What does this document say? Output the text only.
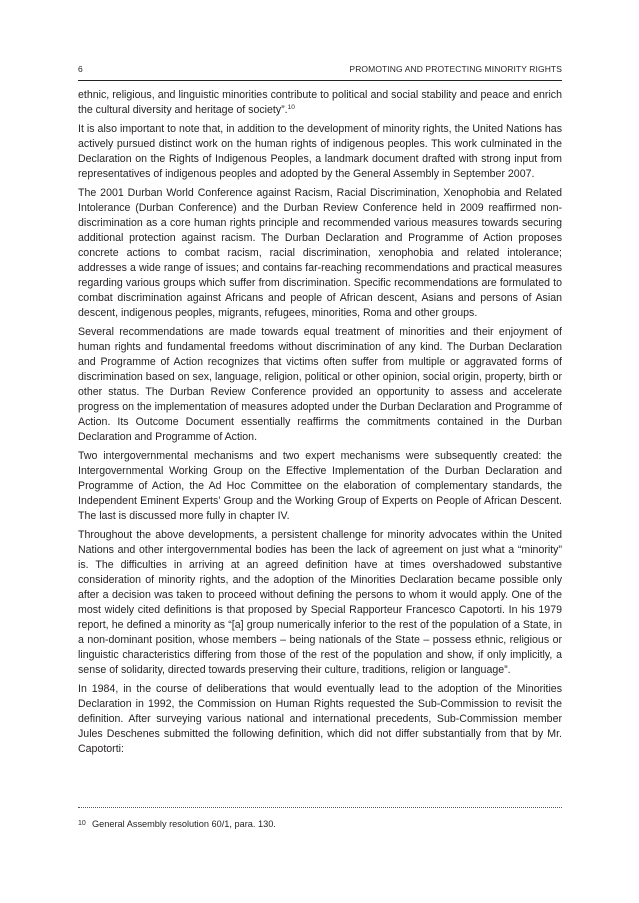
6	PROMOTING AND PROTECTING MINORITY RIGHTS

ethnic, religious, and linguistic minorities contribute to political and social stability and peace and enrich the cultural diversity and heritage of society”.$^{10}$

It is also important to note that, in addition to the development of minority rights, the United Nations has actively pursued distinct work on the human rights of indigenous peoples. This work culminated in the Declaration on the Rights of Indigenous Peoples, a landmark document drafted with strong input from representatives of indigenous peoples and adopted by the General Assembly in September 2007.

The 2001 Durban World Conference against Racism, Racial Discrimination, Xenophobia and Related Intolerance (Durban Conference) and the Durban Review Conference held in 2009 reaffirmed non-discrimination as a core human rights principle and recommended various measures towards securing additional protection against racism. The Durban Declaration and Programme of Action proposes concrete actions to combat racism, racial discrimination, xenophobia and related intolerance; addresses a wide range of issues; and contains far-reaching recommendations and practical measures regarding various groups which suffer from discrimination. Specific recommendations are formulated to combat discrimination against Africans and people of African descent, Asians and persons of Asian descent, indigenous peoples, migrants, refugees, minorities, Roma and other groups.

Several recommendations are made towards equal treatment of minorities and their enjoyment of human rights and fundamental freedoms without discrimination of any kind. The Durban Declaration and Programme of Action recognizes that victims often suffer from multiple or aggravated forms of discrimination based on sex, language, religion, political or other opinion, social origin, property, birth or other status. The Durban Review Conference provided an opportunity to assess and accelerate progress on the implementation of measures adopted under the Durban Declaration and Programme of Action. Its Outcome Document essentially reaffirms the commitments contained in the Durban Declaration and Programme of Action.

Two intergovernmental mechanisms and two expert mechanisms were subsequently created: the Intergovernmental Working Group on the Effective Implementation of the Durban Declaration and Programme of Action, the Ad Hoc Committee on the elaboration of complementary standards, the Independent Eminent Experts’ Group and the Working Group of Experts on People of African Descent. The last is discussed more fully in chapter IV.

Throughout the above developments, a persistent challenge for minority advocates within the United Nations and other intergovernmental bodies has been the lack of agreement on just what a “minority” is. The difficulties in arriving at an agreed definition have at times overshadowed substantive consideration of minority rights, and the adoption of the Minorities Declaration became possible only after a decision was taken to proceed without defining the persons to whom it would apply. One of the most widely cited definitions is that proposed by Special Rapporteur Francesco Capotorti. In his 1979 report, he defined a minority as “[a] group numerically inferior to the rest of the population of a State, in a non-dominant position, whose members – being nationals of the State – possess ethnic, religious or linguistic characteristics differing from those of the rest of the population and show, if only implicitly, a sense of solidarity, directed towards preserving their culture, traditions, religion or language”.

In 1984, in the course of deliberations that would eventually lead to the adoption of the Minorities Declaration in 1992, the Commission on Human Rights requested the Sub-Commission to revisit the definition. After surveying various national and international precedents, Sub-Commission member Jules Deschenes submitted the following definition, which did not differ substantially from that by Mr. Capotorti:

10 General Assembly resolution 60/1, para. 130.
